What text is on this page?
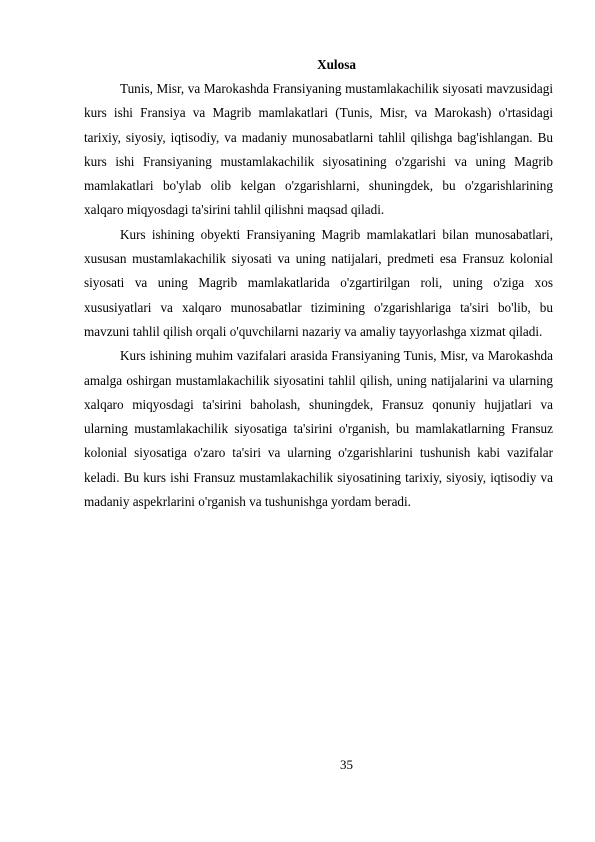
Xulosa

Tunis, Misr, va Marokashda Fransiyaning mustamlakachilik siyosati mavzusidagi kurs ishi Fransiya va Magrib mamlakatlari (Tunis, Misr, va Marokash) o'rtasidagi tarixiy, siyosiy, iqtisodiy, va madaniy munosabatlarni tahlil qilishga bag'ishlangan. Bu kurs ishi Fransiyaning mustamlakachilik siyosatining o'zgarishi va uning Magrib mamlakatlari bo'ylab olib kelgan o'zgarishlarni, shuningdek, bu o'zgarishlarining xalqaro miqyosdagi ta'sirini tahlil qilishni maqsad qiladi.

Kurs ishining obyekti Fransiyaning Magrib mamlakatlari bilan munosabatlari, xususan mustamlakachilik siyosati va uning natijalari, predmeti esa Fransuz kolonial siyosati va uning Magrib mamlakatlarida o'zgartirilgan roli, uning o'ziga xos xususiyatlari va xalqaro munosabatlar tizimining o'zgarishlariga ta'siri bo'lib, bu mavzuni tahlil qilish orqali o'quvchilarni nazariy va amaliy tayyorlashga xizmat qiladi.

Kurs ishining muhim vazifalari arasida Fransiyaning Tunis, Misr, va Marokashda amalga oshirgan mustamlakachilik siyosatini tahlil qilish, uning natijalarini va ularning xalqaro miqyosdagi ta'sirini baholash, shuningdek, Fransuz qonuniy hujjatlari va ularning mustamlakachilik siyosatiga ta'sirini o'rganish, bu mamlakatlarning Fransuz kolonial siyosatiga o'zaro ta'siri va ularning o'zgarishlarini tushunish kabi vazifalar keladi. Bu kurs ishi Fransuz mustamlakachilik siyosatining tarixiy, siyosiy, iqtisodiy va madaniy aspekrlarini o'rganish va tushunishga yordam beradi.

35
